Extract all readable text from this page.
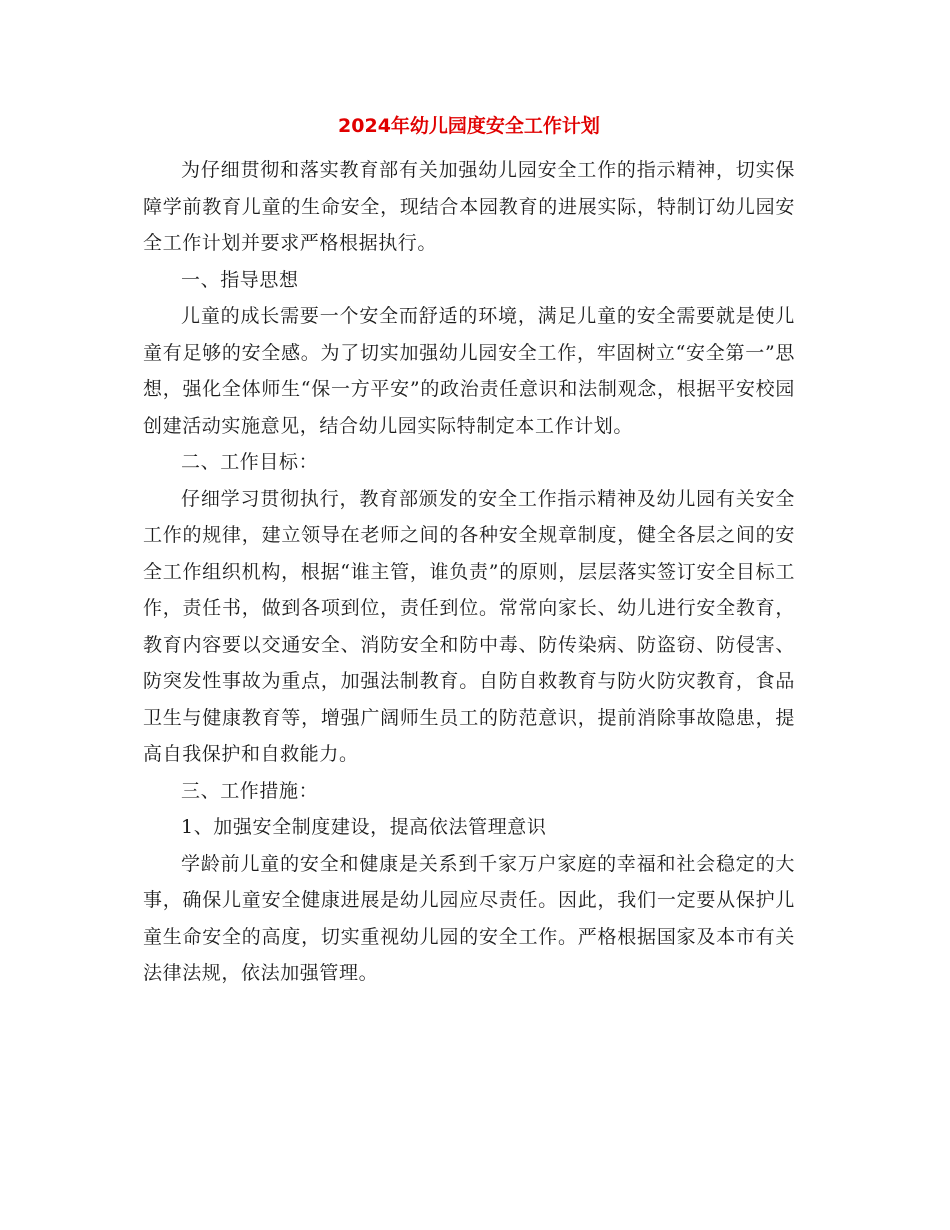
2024年幼儿园度安全工作计划

为仔细贯彻和落实教育部有关加强幼儿园安全工作的指示精神，切实保障学前教育儿童的生命安全，现结合本园教育的进展实际，特制订幼儿园安全工作计划并要求严格根据执行。

一、指导思想

儿童的成长需要一个安全而舒适的环境，满足儿童的安全需要就是使儿童有足够的安全感。为了切实加强幼儿园安全工作，牢固树立“安全第一”思想，强化全体师生“保一方平安”的政治责任意识和法制观念，根据平安校园创建活动实施意见，结合幼儿园实际特制定本工作计划。

二、工作目标：

仔细学习贯彻执行，教育部颁发的安全工作指示精神及幼儿园有关安全工作的规律，建立领导在老师之间的各种安全规章制度，健全各层之间的安全工作组织机构，根据“谁主管，谁负责”的原则，层层落实签订安全目标工作，责任书，做到各项到位，责任到位。常常向家长、幼儿进行安全教育，教育内容要以交通安全、消防安全和防中毒、防传染病、防盗窃、防侵害、防突发性事故为重点，加强法制教育。自防自救教育与防火防灾教育，食品卫生与健康教育等，增强广阔师生员工的防范意识，提前消除事故隐患，提高自我保护和自救能力。

三、工作措施：

1、加强安全制度建设，提高依法管理意识

学龄前儿童的安全和健康是关系到千家万户家庭的幸福和社会稳定的大事，确保儿童安全健康进展是幼儿园应尽责任。因此，我们一定要从保护儿童生命安全的高度，切实重视幼儿园的安全工作。严格根据国家及本市有关法律法规，依法加强管理。
